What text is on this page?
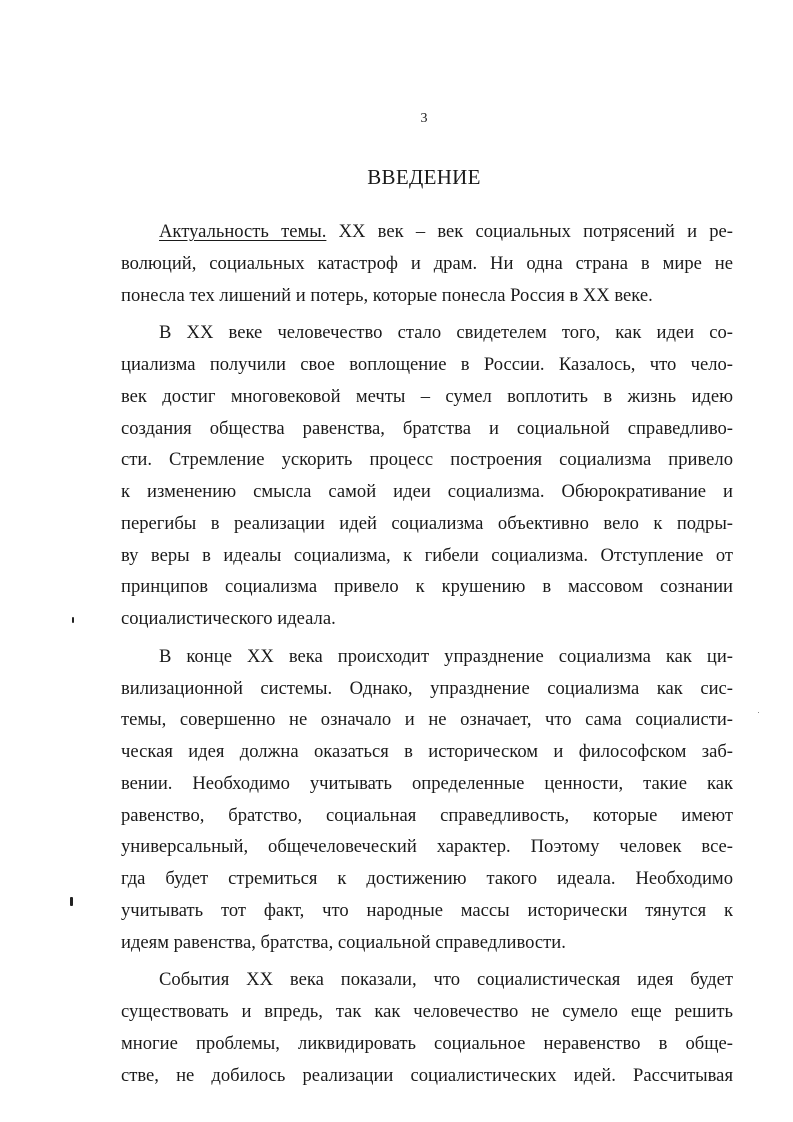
3
ВВЕДЕНИЕ
Актуальность темы. XX век – век социальных потрясений и ре-
волюций, социальных катастроф и драм. Ни одна страна в мире не
понесла тех лишений и потерь, которые понесла Россия в XX веке.
В XX веке человечество стало свидетелем того, как идеи со-
циализма получили свое воплощение в России. Казалось, что чело-
век достиг многовековой мечты – сумел воплотить в жизнь идею
создания общества равенства, братства и социальной справедливо-
сти. Стремление ускорить процесс построения социализма привело
к изменению смысла самой идеи социализма. Обюрокративание и
перегибы в реализации идей социализма объективно вело к подры-
ву веры в идеалы социализма, к гибели социализма. Отступление от
принципов социализма привело к крушению в массовом сознании
социалистического идеала.
В конце XX века происходит упразднение социализма как ци-
вилизационной системы. Однако, упразднение социализма как сис-
темы, совершенно не означало и не означает, что сама социалисти-
ческая идея должна оказаться в историческом и философском заб-
вении. Необходимо учитывать определенные ценности, такие как
равенство, братство, социальная справедливость, которые имеют
универсальный, общечеловеческий характер. Поэтому человек все-
гда будет стремиться к достижению такого идеала. Необходимо
учитывать тот факт, что народные массы исторически тянутся к
идеям равенства, братства, социальной справедливости.
События XX века показали, что социалистическая идея будет
существовать и впредь, так как человечество не сумело еще решить
многие проблемы, ликвидировать социальное неравенство в обще-
стве, не добилось реализации социалистических идей. Рассчитывая
